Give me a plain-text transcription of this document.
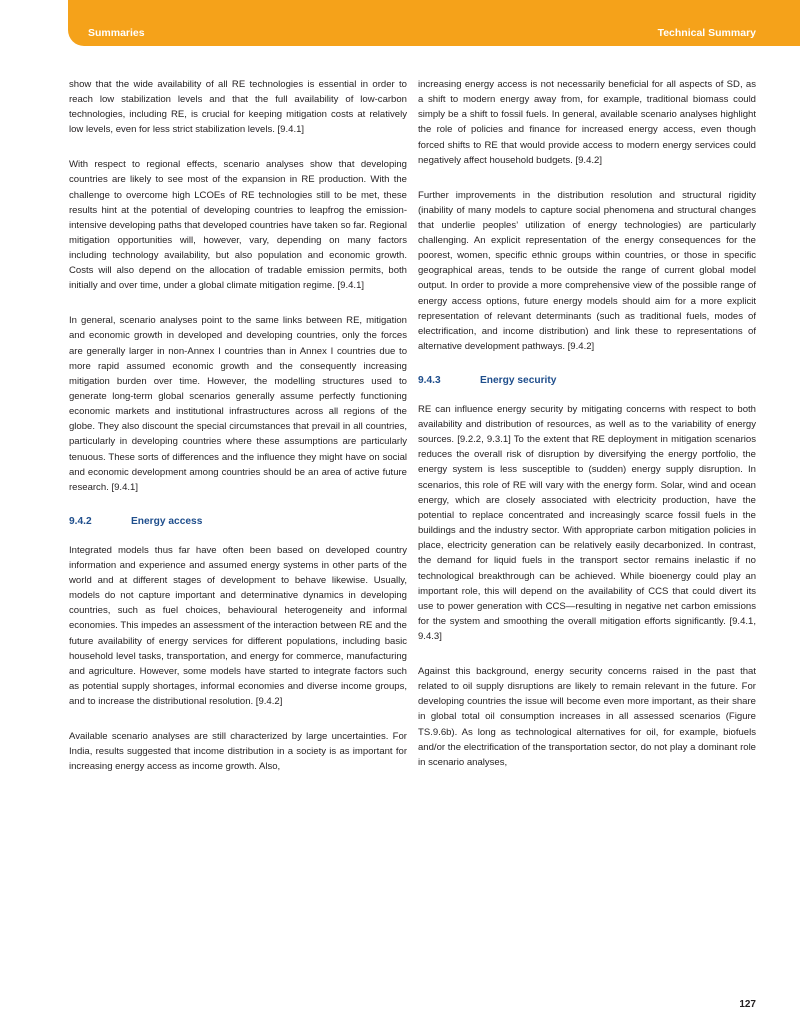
Summaries	Technical Summary

show that the wide availability of all RE technologies is essential in order to reach low stabilization levels and that the full availability of low-carbon technologies, including RE, is crucial for keeping mitigation costs at relatively low levels, even for less strict stabilization levels. [9.4.1]

With respect to regional effects, scenario analyses show that developing countries are likely to see most of the expansion in RE production. With the challenge to overcome high LCOEs of RE technologies still to be met, these results hint at the potential of developing countries to leapfrog the emission-intensive developing paths that developed countries have taken so far. Regional mitigation opportunities will, however, vary, depending on many factors including technology availability, but also population and economic growth. Costs will also depend on the allocation of tradable emission permits, both initially and over time, under a global climate mitigation regime. [9.4.1]

In general, scenario analyses point to the same links between RE, mitigation and economic growth in developed and developing countries, only the forces are generally larger in non-Annex I countries than in Annex I countries due to more rapid assumed economic growth and the consequently increasing mitigation burden over time. However, the modelling structures used to generate long-term global scenarios generally assume perfectly functioning economic markets and institutional infrastructures across all regions of the globe. They also discount the special circumstances that prevail in all countries, particularly in developing countries where these assumptions are particularly tenuous. These sorts of differences and the influence they might have on social and economic development among countries should be an area of active future research. [9.4.1]

9.4.2	Energy access

Integrated models thus far have often been based on developed country information and experience and assumed energy systems in other parts of the world and at different stages of development to behave likewise. Usually, models do not capture important and determinative dynamics in developing countries, such as fuel choices, behavioural heterogeneity and informal economies. This impedes an assessment of the interaction between RE and the future availability of energy services for different populations, including basic household level tasks, transportation, and energy for commerce, manufacturing and agriculture. However, some models have started to integrate factors such as potential supply shortages, informal economies and diverse income groups, and to increase the distributional resolution. [9.4.2]

Available scenario analyses are still characterized by large uncertainties. For India, results suggested that income distribution in a society is as important for increasing energy access as income growth. Also,

increasing energy access is not necessarily beneficial for all aspects of SD, as a shift to modern energy away from, for example, traditional biomass could simply be a shift to fossil fuels. In general, available scenario analyses highlight the role of policies and finance for increased energy access, even though forced shifts to RE that would provide access to modern energy services could negatively affect household budgets. [9.4.2]

Further improvements in the distribution resolution and structural rigidity (inability of many models to capture social phenomena and structural changes that underlie peoples’ utilization of energy technologies) are particularly challenging. An explicit representation of the energy consequences for the poorest, women, specific ethnic groups within countries, or those in specific geographical areas, tends to be outside the range of current global model output. In order to provide a more comprehensive view of the possible range of energy access options, future energy models should aim for a more explicit representation of relevant determinants (such as traditional fuels, modes of electrification, and income distribution) and link these to representations of alternative development pathways. [9.4.2]

9.4.3	Energy security

RE can influence energy security by mitigating concerns with respect to both availability and distribution of resources, as well as to the variability of energy sources. [9.2.2, 9.3.1] To the extent that RE deployment in mitigation scenarios reduces the overall risk of disruption by diversifying the energy portfolio, the energy system is less susceptible to (sudden) energy supply disruption. In scenarios, this role of RE will vary with the energy form. Solar, wind and ocean energy, which are closely associated with electricity production, have the potential to replace concentrated and increasingly scarce fossil fuels in the buildings and the industry sector. With appropriate carbon mitigation policies in place, electricity generation can be relatively easily decarbonized. In contrast, the demand for liquid fuels in the transport sector remains inelastic if no technological breakthrough can be achieved. While bioenergy could play an important role, this will depend on the availability of CCS that could divert its use to power generation with CCS—resulting in negative net carbon emissions for the system and smoothing the overall mitigation efforts significantly. [9.4.1, 9.4.3]

Against this background, energy security concerns raised in the past that related to oil supply disruptions are likely to remain relevant in the future. For developing countries the issue will become even more important, as their share in global total oil consumption increases in all assessed scenarios (Figure TS.9.6b). As long as technological alternatives for oil, for example, biofuels and/or the electrification of the transportation sector, do not play a dominant role in scenario analyses,

127
